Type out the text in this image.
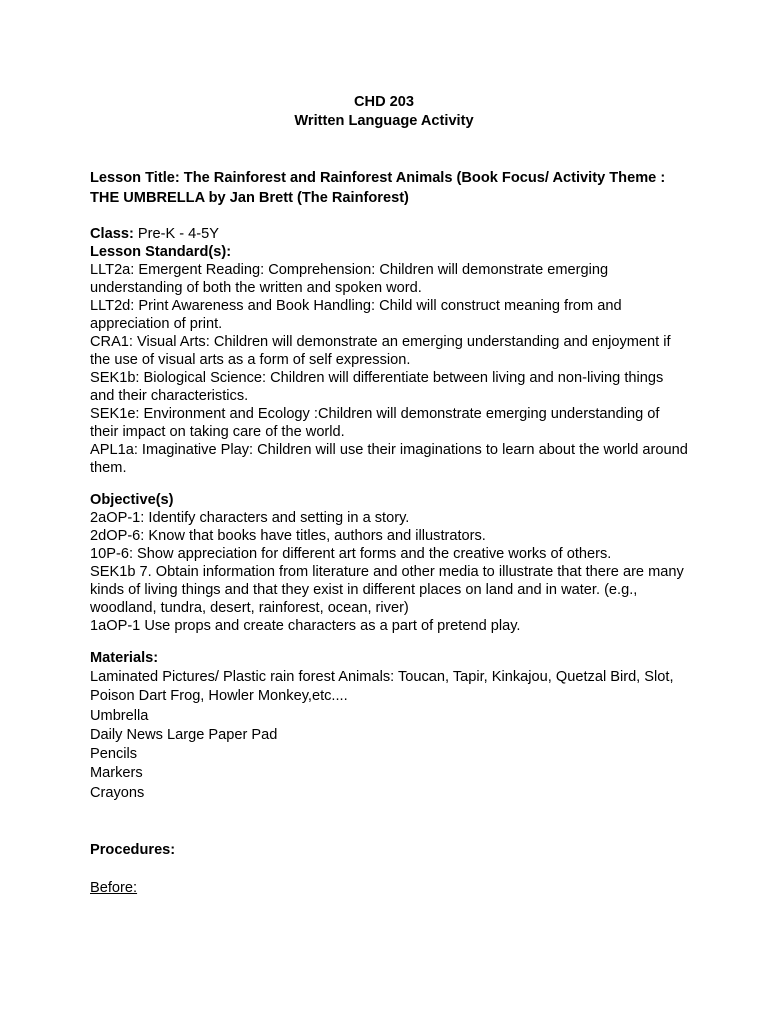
CHD 203
Written Language Activity
Lesson Title: The Rainforest and Rainforest Animals (Book Focus/ Activity Theme : THE UMBRELLA by Jan Brett (The Rainforest)
Class: Pre-K - 4-5Y
Lesson Standard(s):
LLT2a: Emergent Reading: Comprehension: Children will demonstrate emerging understanding of both the written and spoken word.
LLT2d: Print Awareness and Book Handling: Child will construct meaning from and appreciation of print.
CRA1: Visual Arts: Children will demonstrate an emerging understanding and enjoyment if the use of visual arts as a form of self expression.
SEK1b: Biological Science: Children will differentiate between living and non-living things and their characteristics.
SEK1e: Environment and Ecology :Children will demonstrate emerging understanding of their impact on taking care of the world.
APL1a: Imaginative Play: Children will use their imaginations to learn about the world around them.
Objective(s)
2aOP-1: Identify characters and setting in a story.
2dOP-6: Know that books have titles, authors and illustrators.
10P-6: Show appreciation for different art forms and the creative works of others.
SEK1b 7. Obtain information from literature and other media to illustrate that there are many kinds of living things and that they exist in different places on land and in water. (e.g., woodland, tundra, desert, rainforest, ocean, river)
1aOP-1 Use props and create characters as a part of pretend play.
Materials:
Laminated Pictures/ Plastic rain forest Animals: Toucan, Tapir, Kinkajou, Quetzal Bird, Slot, Poison Dart Frog, Howler Monkey,etc....
Umbrella
Daily News Large Paper Pad
Pencils
Markers
Crayons
Procedures:
Before:
